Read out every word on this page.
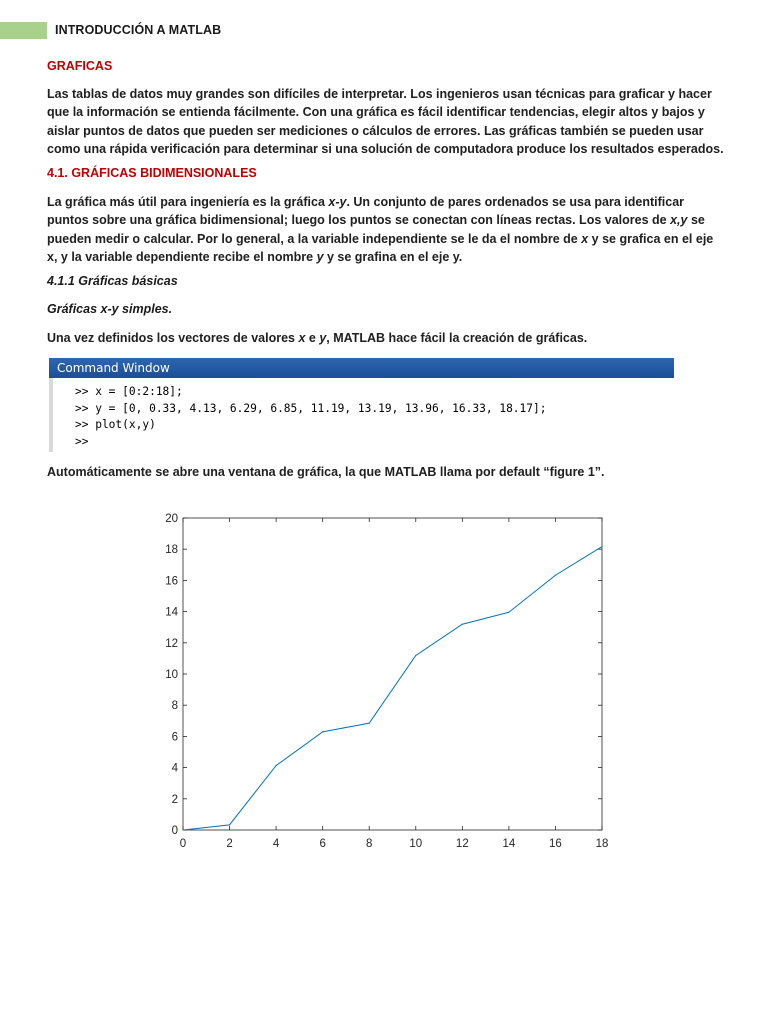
INTRODUCCIÓN A MATLAB
GRAFICAS
Las tablas de datos muy grandes son difíciles de interpretar. Los ingenieros usan técnicas para graficar y hacer que la información se entienda fácilmente. Con una gráfica es fácil identificar tendencias, elegir altos y bajos y aislar puntos de datos que pueden ser mediciones o cálculos de errores. Las gráficas también se pueden usar como una rápida verificación para determinar si una solución de computadora produce los resultados esperados.
4.1. GRÁFICAS BIDIMENSIONALES
La gráfica más útil para ingeniería es la gráfica x-y. Un conjunto de pares ordenados se usa para identificar puntos sobre una gráfica bidimensional; luego los puntos se conectan con líneas rectas. Los valores de x,y se pueden medir o calcular. Por lo general, a la variable independiente se le da el nombre de x y se grafica en el eje x, y la variable dependiente recibe el nombre y y se grafina en el eje y.
4.1.1 Gráficas básicas
Gráficas x-y simples.
Una vez definidos los vectores de valores x e y, MATLAB hace fácil la creación de gráficas.
Command Window
>> x = [0:2:18];
>> y = [0, 0.33, 4.13, 6.29, 6.85, 11.19, 13.19, 13.96, 16.33, 18.17];
>> plot(x,y)
>>
Automáticamente se abre una ventana de gráfica, la que MATLAB llama por default “figure 1”.
0	2	4	6	8	10	12	14	16	18
0
2
4
6
8
10
12
14
16
18
20
